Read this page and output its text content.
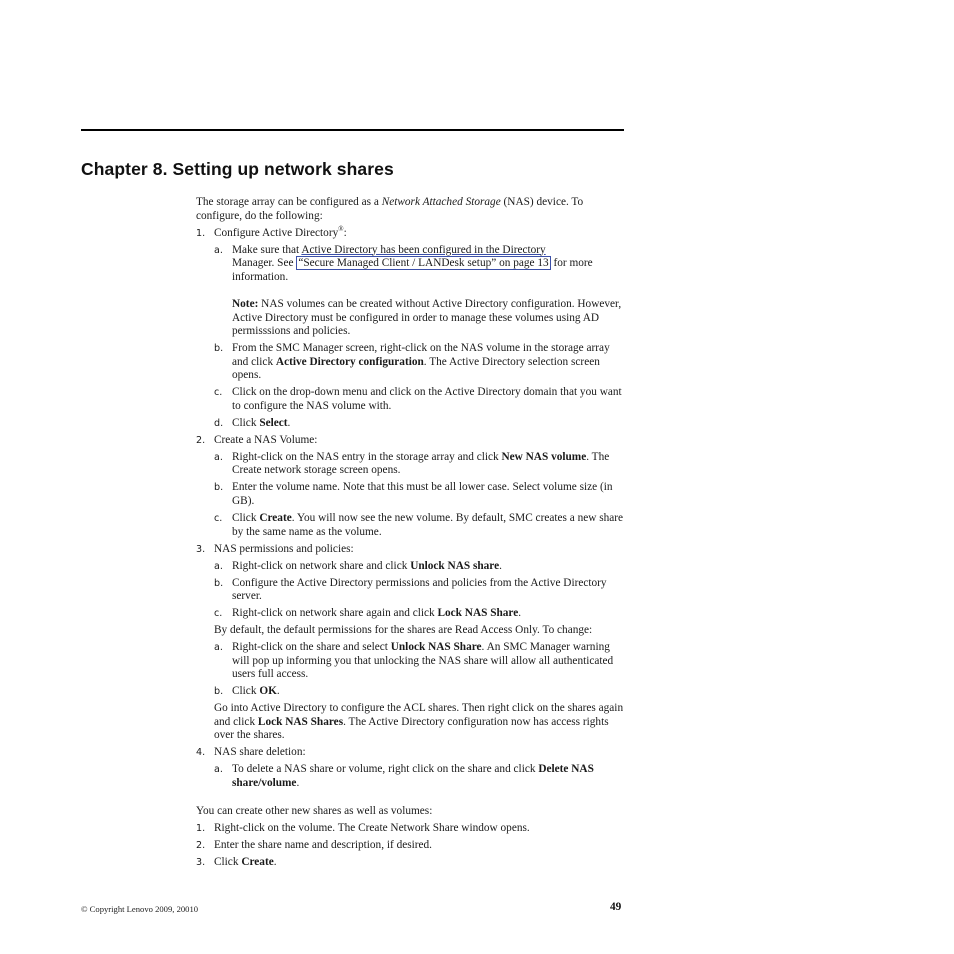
Chapter 8. Setting up network shares

The storage array can be configured as a Network Attached Storage (NAS) device. To configure, do the following:

1. Configure Active Directory®:
a. Make sure that Active Directory has been configured in the Directory
Manager. See “Secure Managed Client / LANDesk setup” on page 13 for more information.

Note: NAS volumes can be created without Active Directory configuration. However, Active Directory must be configured in order to manage these volumes using AD permisssions and policies.

b. From the SMC Manager screen, right-click on the NAS volume in the storage array and click Active Directory configuration. The Active Directory selection screen opens.

c. Click on the drop-down menu and click on the Active Directory domain that you want to configure the NAS volume with.

d. Click Select.

2. Create a NAS Volume:
a. Right-click on the NAS entry in the storage array and click New NAS volume. The Create network storage screen opens.

b. Enter the volume name. Note that this must be all lower case. Select volume size (in GB).

c. Click Create. You will now see the new volume. By default, SMC creates a new share by the same name as the volume.

3. NAS permissions and policies:
a. Right-click on network share and click Unlock NAS share.

b. Configure the Active Directory permissions and policies from the Active Directory server.

c. Right-click on network share again and click Lock NAS Share.

By default, the default permissions for the shares are Read Access Only. To change:

a. Right-click on the share and select Unlock NAS Share. An SMC Manager warning will pop up informing you that unlocking the NAS share will allow all authenticated users full access.

b. Click OK.

Go into Active Directory to configure the ACL shares. Then right click on the shares again and click Lock NAS Shares. The Active Directory configuration now has access rights over the shares.

4. NAS share deletion:
a. To delete a NAS share or volume, right click on the share and click Delete NAS share/volume.

You can create other new shares as well as volumes:

1. Right-click on the volume. The Create Network Share window opens.
2. Enter the share name and description, if desired.
3. Click Create.
© Copyright Lenovo 2009, 20010	49
